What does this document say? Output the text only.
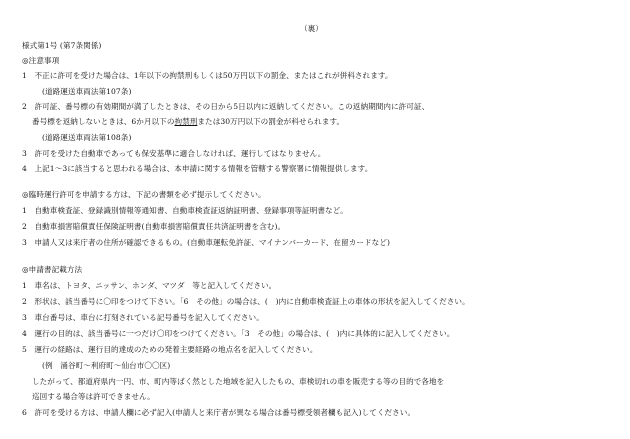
（裏）
様式第1号 (第7条関係)
◎注意事項
1　不正に許可を受けた場合は、1年以下の拘禁刑もしくは50万円以下の罰金、またはこれが併科されます。
(道路運送車両法第107条)
2　許可証、番号標の有効期間が満了したときは、その日から5日以内に返納してください。この返納期間内に許可証、
番号標を返納しないときは、6か月以下の拘禁刑または30万円以下の罰金が科せられます。
(道路運送車両法第108条)
3　許可を受けた自動車であっても保安基準に適合しなければ、運行してはなりません。
4　上記1〜3に該当すると思われる場合は、本申請に関する情報を管轄する警察署に情報提供します。
◎臨時運行許可を申請する方は、下記の書類を必ず提示してください。
1　自動車検査証、登録識別情報等通知書、自動車検査証返納証明書、登録事項等証明書など。
2　自動車損害賠償責任保険証明書(自動車損害賠償責任共済証明書を含む)。
3　申請人又は来庁者の住所が確認できるもの。(自動車運転免許証、マイナンバーカード、在留カードなど)
◎申請書記載方法
1　車名は、トヨタ、ニッサン、ホンダ、マツダ　等と記入してください。
2　形状は、該当番号に〇印をつけて下さい。「6　その他」の場合は、(　)内に自動車検査証上の車体の形状を記入してください。
3　車台番号は、車台に打刻されている記号番号を記入してください。
4　運行の目的は、該当番号に一つだけ〇印をつけてください。「3　その他」の場合は、(　)内に具体的に記入してください。
5　運行の経路は、運行目的達成のための発着主要経路の地点名を記入してください。
(例　涌谷町〜利府町〜仙台市〇〇区)
したがって、都道府県内一円、市、町内等ばく然とした地域を記入したもの、車検切れの車を販売する等の目的で各地を
巡回する場合等は許可できません。
6　許可を受ける方は、申請人欄に必ず記入(申請人と来庁者が異なる場合は番号標受領者欄も記入)してください。
